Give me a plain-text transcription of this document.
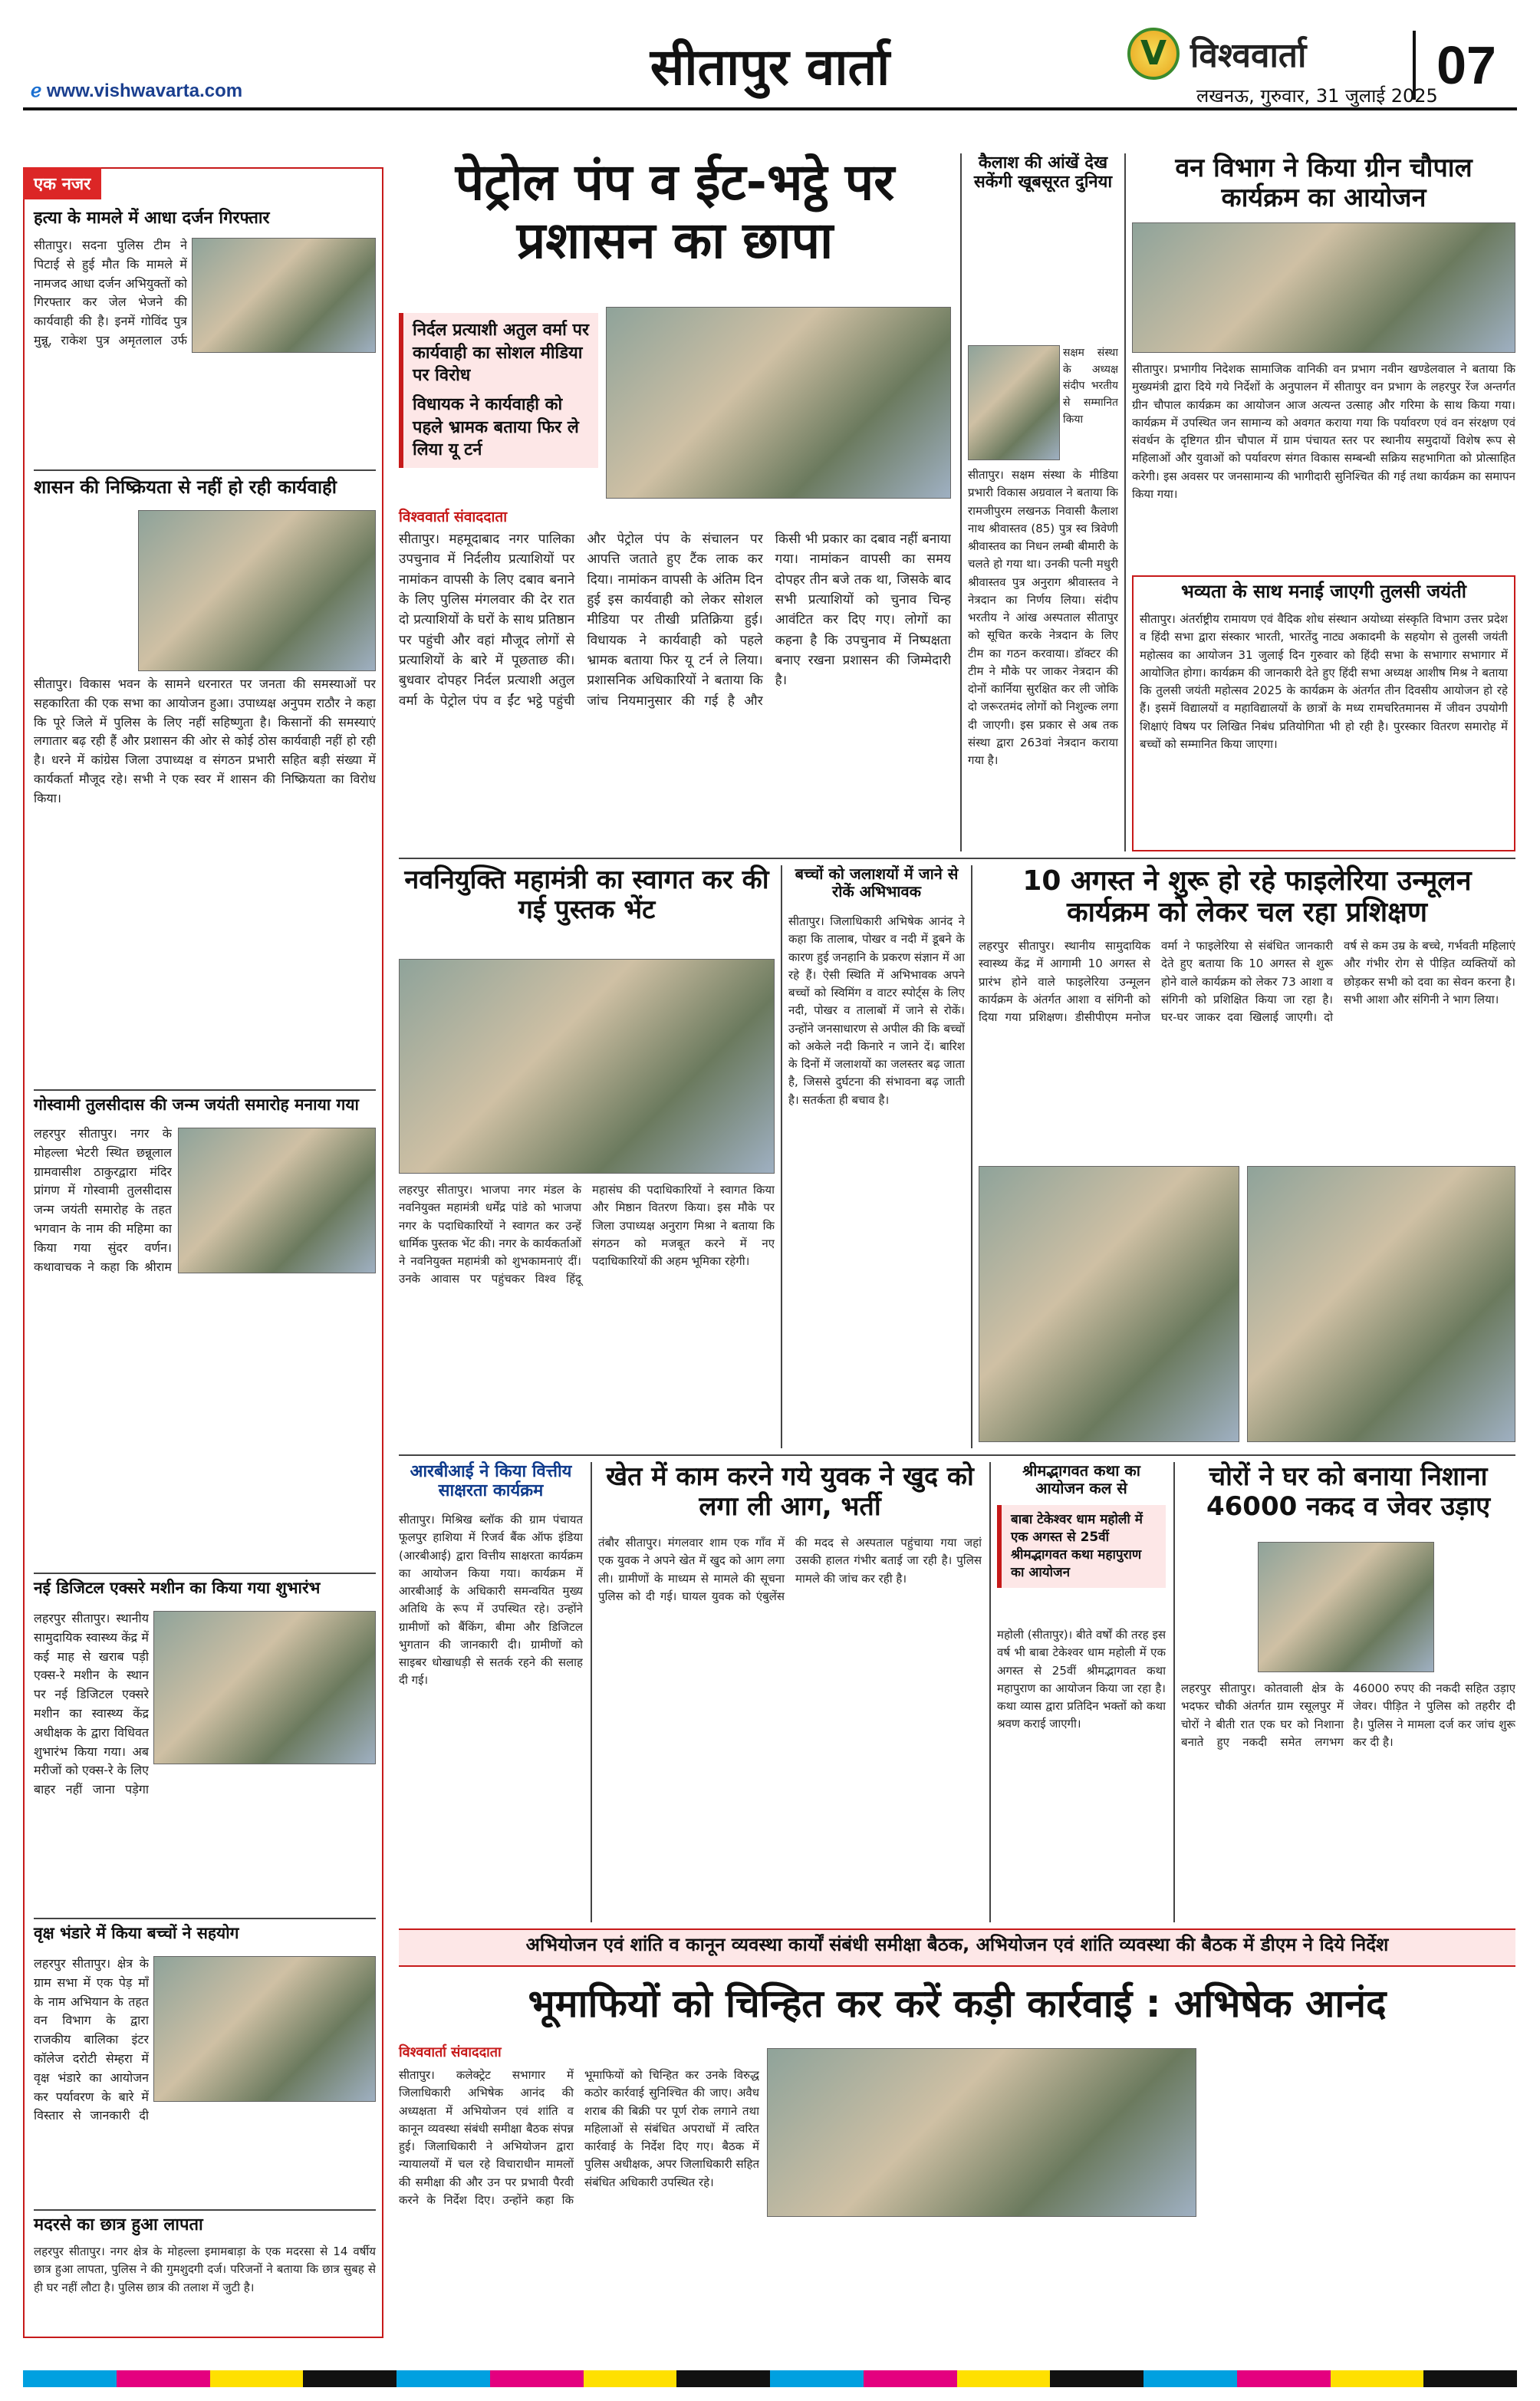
ℯ www.vishwavarta.com	सीतापुर वार्ता	V विश्ववार्ता
लखनऊ, गुरुवार, 31 जुलाई 2025
07
एक नजर
हत्या के मामले में आधा दर्जन गिरफ्तार
सीतापुर। सदना पुलिस टीम ने पिटाई से हुई मौत कि मामले में नामजद आधा दर्जन अभियुक्तों को गिरफ्तार कर जेल भेजने की कार्यवाही की है। इनमें गोविंद पुत्र मुन्नू, राकेश पुत्र अमृतलाल उर्फ
शासन की निष्क्रियता से नहीं हो रही कार्यवाही
सीतापुर। विकास भवन के सामने धरनारत पर जनता की समस्याओं पर सहकारिता की एक सभा का आयोजन हुआ। उपाध्यक्ष अनुपम राठौर ने कहा कि पूरे जिले में पुलिस के लिए नहीं सहिष्णुता है। किसानों की समस्याएं लगातार बढ़ रही हैं और प्रशासन की ओर से कोई ठोस कार्यवाही नहीं हो रही है। धरने में कांग्रेस जिला उपाध्यक्ष व संगठन प्रभारी सहित बड़ी संख्या में कार्यकर्ता मौजूद रहे। सभी ने एक स्वर में शासन की निष्क्रियता का विरोध किया।
गोस्वामी तुलसीदास की जन्म जयंती समारोह मनाया गया
लहरपुर सीतापुर। नगर के मोहल्ला भेटरी स्थित छन्नूलाल ग्रामवासीश ठाकुरद्वारा मंदिर प्रांगण में गोस्वामी तुलसीदास जन्म जयंती समारोह के तहत भगवान के नाम की महिमा का किया गया सुंदर वर्णन। कथावाचक ने कहा कि श्रीराम
नई डिजिटल एक्सरे मशीन का किया गया शुभारंभ
लहरपुर सीतापुर। स्थानीय सामुदायिक स्वास्थ्य केंद्र में कई माह से खराब पड़ी एक्स-रे मशीन के स्थान पर नई डिजिटल एक्सरे मशीन का स्वास्थ्य केंद्र अधीक्षक के द्वारा विधिवत शुभारंभ किया गया। अब मरीजों को एक्स-रे के लिए बाहर नहीं जाना पड़ेगा
वृक्ष भंडारे में किया बच्चों ने सहयोग
लहरपुर सीतापुर। क्षेत्र के ग्राम सभा में एक पेड़ माँ के नाम अभियान के तहत वन विभाग के द्वारा राजकीय बालिका इंटर कॉलेज दरोटी सेम्हरा में वृक्ष भंडारे का आयोजन कर पर्यावरण के बारे में विस्तार से जानकारी दी
मदरसे का छात्र हुआ लापता
लहरपुर सीतापुर। नगर क्षेत्र के मोहल्ला इमामबाड़ा के एक मदरसा से 14 वर्षीय छात्र हुआ लापता, पुलिस ने की गुमशुदगी दर्ज। परिजनों ने बताया कि छात्र सुबह से ही घर नहीं लौटा है। पुलिस छात्र की तलाश में जुटी है।
पेट्रोल पंप व ईट-भट्ठे पर प्रशासन का छापा
निर्दल प्रत्याशी अतुल वर्मा पर कार्यवाही का सोशल मीडिया पर विरोध
विधायक ने कार्यवाही को पहले भ्रामक बताया फिर ले लिया यू टर्न
विश्ववार्ता संवाददाता
सीतापुर। महमूदाबाद नगर पालिका उपचुनाव में निर्दलीय प्रत्याशियों पर नामांकन वापसी के लिए दबाव बनाने के लिए पुलिस मंगलवार की देर रात दो प्रत्याशियों के घरों के साथ प्रतिष्ठान पर पहुंची और वहां मौजूद लोगों से प्रत्याशियों के बारे में पूछताछ की। बुधवार दोपहर निर्दल प्रत्याशी अतुल वर्मा के पेट्रोल पंप व ईंट भट्ठे पहुंची और पेट्रोल पंप के संचालन पर आपत्ति जताते हुए टैंक लाक कर दिया। नामांकन वापसी के अंतिम दिन हुई इस कार्यवाही को लेकर सोशल मीडिया पर तीखी प्रतिक्रिया हुई। विधायक ने कार्यवाही को पहले भ्रामक बताया फिर यू टर्न ले लिया। प्रशासनिक अधिकारियों ने बताया कि जांच नियमानुसार की गई है और किसी भी प्रकार का दबाव नहीं बनाया गया। नामांकन वापसी का समय दोपहर तीन बजे तक था, जिसके बाद सभी प्रत्याशियों को चुनाव चिन्ह आवंटित कर दिए गए। लोगों का कहना है कि उपचुनाव में निष्पक्षता बनाए रखना प्रशासन की जिम्मेदारी है।
कैलाश की आंखें देख सकेंगी खूबसूरत दुनिया
सक्षम संस्था के अध्यक्ष संदीप भरतीय से सम्मानित किया
सीतापुर। सक्षम संस्था के मीडिया प्रभारी विकास अग्रवाल ने बताया कि रामजीपुरम लखनऊ निवासी कैलाश नाथ श्रीवास्तव (85) पुत्र स्व त्रिवेणी श्रीवास्तव का निधन लम्बी बीमारी के चलते हो गया था। उनकी पत्नी मधुरी श्रीवास्तव पुत्र अनुराग श्रीवास्तव ने नेत्रदान का निर्णय लिया। संदीप भरतीय ने आंख अस्पताल सीतापुर को सूचित करके नेत्रदान के लिए टीम का गठन करवाया। डॉक्टर की टीम ने मौके पर जाकर नेत्रदान की दोनों कार्निया सुरक्षित कर ली जोकि दो जरूरतमंद लोगों को निशुल्क लगा दी जाएगी। इस प्रकार से अब तक संस्था द्वारा 263वां नेत्रदान कराया गया है।
वन विभाग ने किया ग्रीन चौपाल कार्यक्रम का आयोजन
सीतापुर। प्रभागीय निदेशक सामाजिक वानिकी वन प्रभाग नवीन खण्डेलवाल ने बताया कि मुख्यमंत्री द्वारा दिये गये निर्देशों के अनुपालन में सीतापुर वन प्रभाग के लहरपुर रेंज अन्तर्गत ग्रीन चौपाल कार्यक्रम का आयोजन आज अत्यन्त उत्साह और गरिमा के साथ किया गया। कार्यक्रम में उपस्थित जन सामान्य को अवगत कराया गया कि पर्यावरण एवं वन संरक्षण एवं संवर्धन के दृष्टिगत ग्रीन चौपाल में ग्राम पंचायत स्तर पर स्थानीय समुदायों विशेष रूप से महिलाओं और युवाओं को पर्यावरण संगत विकास सम्बन्धी सक्रिय सहभागिता को प्रोत्साहित करेगी। इस अवसर पर जनसामान्य की भागीदारी सुनिश्चित की गई तथा कार्यक्रम का समापन किया गया।
भव्यता के साथ मनाई जाएगी तुलसी जयंती
सीतापुर। अंतर्राष्ट्रीय रामायण एवं वैदिक शोध संस्थान अयोध्या संस्कृति विभाग उत्तर प्रदेश व हिंदी सभा द्वारा संस्कार भारती, भारतेंदु नाट्य अकादमी के सहयोग से तुलसी जयंती महोत्सव का आयोजन 31 जुलाई दिन गुरुवार को हिंदी सभा के सभागार सभागार में आयोजित होगा। कार्यक्रम की जानकारी देते हुए हिंदी सभा अध्यक्ष आशीष मिश्र ने बताया कि तुलसी जयंती महोत्सव 2025 के कार्यक्रम के अंतर्गत तीन दिवसीय आयोजन हो रहे हैं। इसमें विद्यालयों व महाविद्यालयों के छात्रों के मध्य रामचरितमानस में जीवन उपयोगी शिक्षाएं विषय पर लिखित निबंध प्रतियोगिता भी हो रही है। पुरस्कार वितरण समारोह में बच्चों को सम्मानित किया जाएगा।
नवनियुक्ति महामंत्री का स्वागत कर की गई पुस्तक भेंट
लहरपुर सीतापुर। भाजपा नगर मंडल के नवनियुक्त महामंत्री धर्मेंद्र पांडे को भाजपा नगर के पदाधिकारियों ने स्वागत कर उन्हें धार्मिक पुस्तक भेंट की। नगर के कार्यकर्ताओं ने नवनियुक्त महामंत्री को शुभकामनाएं दीं। उनके आवास पर पहुंचकर विश्व हिंदू महासंघ की पदाधिकारियों ने स्वागत किया और मिष्ठान वितरण किया। इस मौके पर जिला उपाध्यक्ष अनुराग मिश्रा ने बताया कि संगठन को मजबूत करने में नए पदाधिकारियों की अहम भूमिका रहेगी।
बच्चों को जलाशयों में जाने से रोकें अभिभावक
सीतापुर। जिलाधिकारी अभिषेक आनंद ने कहा कि तालाब, पोखर व नदी में डूबने के कारण हुई जनहानि के प्रकरण संज्ञान में आ रहे हैं। ऐसी स्थिति में अभिभावक अपने बच्चों को स्विमिंग व वाटर स्पोर्ट्स के लिए नदी, पोखर व तालाबों में जाने से रोकें। उन्होंने जनसाधारण से अपील की कि बच्चों को अकेले नदी किनारे न जाने दें। बारिश के दिनों में जलाशयों का जलस्तर बढ़ जाता है, जिससे दुर्घटना की संभावना बढ़ जाती है। सतर्कता ही बचाव है।
10 अगस्त ने शुरू हो रहे फाइलेरिया उन्मूलन कार्यक्रम को लेकर चल रहा प्रशिक्षण
लहरपुर सीतापुर। स्थानीय सामुदायिक स्वास्थ्य केंद्र में आगामी 10 अगस्त से प्रारंभ होने वाले फाइलेरिया उन्मूलन कार्यक्रम के अंतर्गत आशा व संगिनी को दिया गया प्रशिक्षण। डीसीपीएम मनोज वर्मा ने फाइलेरिया से संबंधित जानकारी देते हुए बताया कि 10 अगस्त से शुरू होने वाले कार्यक्रम को लेकर 73 आशा व संगिनी को प्रशिक्षित किया जा रहा है। घर-घर जाकर दवा खिलाई जाएगी। दो वर्ष से कम उम्र के बच्चे, गर्भवती महिलाएं और गंभीर रोग से पीड़ित व्यक्तियों को छोड़कर सभी को दवा का सेवन करना है। सभी आशा और संगिनी ने भाग लिया।
आरबीआई ने किया वित्तीय साक्षरता कार्यक्रम
सीतापुर। मिश्रिख ब्लॉक की ग्राम पंचायत फूलपुर हाशिया में रिजर्व बैंक ऑफ इंडिया (आरबीआई) द्वारा वित्तीय साक्षरता कार्यक्रम का आयोजन किया गया। कार्यक्रम में आरबीआई के अधिकारी समन्वयित मुख्य अतिथि के रूप में उपस्थित रहे। उन्होंने ग्रामीणों को बैंकिंग, बीमा और डिजिटल भुगतान की जानकारी दी। ग्रामीणों को साइबर धोखाधड़ी से सतर्क रहने की सलाह दी गई।
खेत में काम करने गये युवक ने खुद को लगा ली आग, भर्ती
तंबौर सीतापुर। मंगलवार शाम एक गाँव में एक युवक ने अपने खेत में खुद को आग लगा ली। ग्रामीणों के माध्यम से मामले की सूचना पुलिस को दी गई। घायल युवक को एंबुलेंस की मदद से अस्पताल पहुंचाया गया जहां उसकी हालत गंभीर बताई जा रही है। पुलिस मामले की जांच कर रही है।
श्रीमद्भागवत कथा का आयोजन कल से
बाबा टेकेश्वर धाम महोली में एक अगस्त से 25वीं श्रीमद्भागवत कथा महापुराण का आयोजन
महोली (सीतापुर)। बीते वर्षों की तरह इस वर्ष भी बाबा टेकेश्वर धाम महोली में एक अगस्त से 25वीं श्रीमद्भागवत कथा महापुराण का आयोजन किया जा रहा है। कथा व्यास द्वारा प्रतिदिन भक्तों को कथा श्रवण कराई जाएगी।
चोरों ने घर को बनाया निशाना 46000 नकद व जेवर उड़ाए
लहरपुर सीतापुर। कोतवाली क्षेत्र के भदफर चौकी अंतर्गत ग्राम रसूलपुर में चोरों ने बीती रात एक घर को निशाना बनाते हुए नकदी समेत लगभग 46000 रुपए की नकदी सहित उड़ाए जेवर। पीड़ित ने पुलिस को तहरीर दी है। पुलिस ने मामला दर्ज कर जांच शुरू कर दी है।
अभियोजन एवं शांति व कानून व्यवस्था कार्यों संबंधी समीक्षा बैठक, अभियोजन एवं शांति व्यवस्था की बैठक में डीएम ने दिये निर्देश
भूमाफियों को चिन्हित कर करें कड़ी कार्रवाई : अभिषेक आनंद
विश्ववार्ता संवाददाता
सीतापुर। कलेक्ट्रेट सभागार में जिलाधिकारी अभिषेक आनंद की अध्यक्षता में अभियोजन एवं शांति व कानून व्यवस्था संबंधी समीक्षा बैठक संपन्न हुई। जिलाधिकारी ने अभियोजन द्वारा न्यायालयों में चल रहे विचाराधीन मामलों की समीक्षा की और उन पर प्रभावी पैरवी करने के निर्देश दिए। उन्होंने कहा कि भूमाफियों को चिन्हित कर उनके विरुद्ध कठोर कार्रवाई सुनिश्चित की जाए। अवैध शराब की बिक्री पर पूर्ण रोक लगाने तथा महिलाओं से संबंधित अपराधों में त्वरित कार्रवाई के निर्देश दिए गए। बैठक में पुलिस अधीक्षक, अपर जिलाधिकारी सहित संबंधित अधिकारी उपस्थित रहे।
